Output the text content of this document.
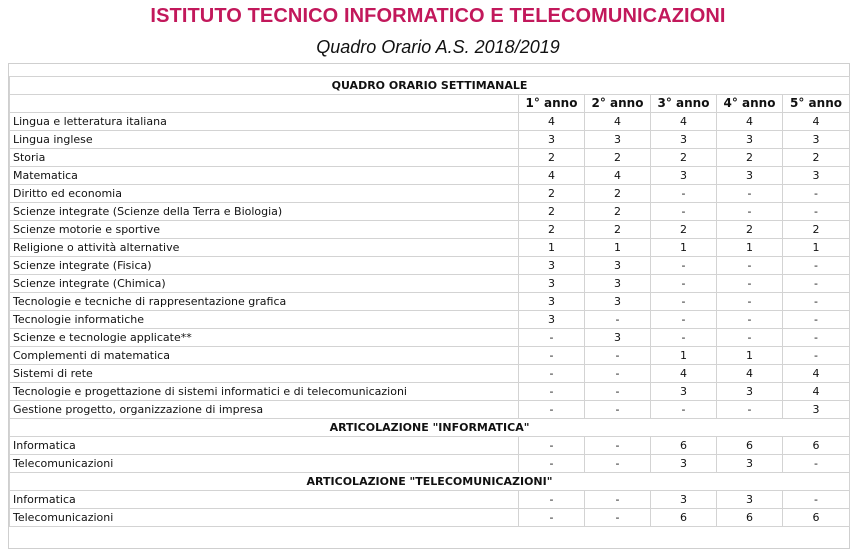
ISTITUTO TECNICO INFORMATICO E TELECOMUNICAZIONI
Quadro Orario A.S. 2018/2019
QUADRO ORARIO SETTIMANALE					
	1° anno	2° anno	3° anno	4° anno	5° anno
Lingua e letteratura italiana	4	4	4	4	4
Lingua inglese	3	3	3	3	3
Storia	2	2	2	2	2
Matematica	4	4	3	3	3
Diritto ed economia	2	2	-	-	-
Scienze integrate (Scienze della Terra e Biologia)	2	2	-	-	-
Scienze motorie e sportive	2	2	2	2	2
Religione o attività alternative	1	1	1	1	1
Scienze integrate (Fisica)	3	3	-	-	-
Scienze integrate (Chimica)	3	3	-	-	-
Tecnologie e tecniche di rappresentazione grafica	3	3	-	-	-
Tecnologie informatiche	3	-	-	-	-
Scienze e tecnologie applicate**	-	3	-	-	-
Complementi di matematica	-	-	1	1	-
Sistemi di rete	-	-	4	4	4
Tecnologie e progettazione di sistemi informatici e di telecomunicazioni	-	-	3	3	4
Gestione progetto, organizzazione di impresa	-	-	-	-	3
ARTICOLAZIONE "INFORMATICA"					
Informatica	-	-	6	6	6
Telecomunicazioni	-	-	3	3	-
ARTICOLAZIONE "TELECOMUNICAZIONI"					
Informatica	-	-	3	3	-
Telecomunicazioni	-	-	6	6	6
